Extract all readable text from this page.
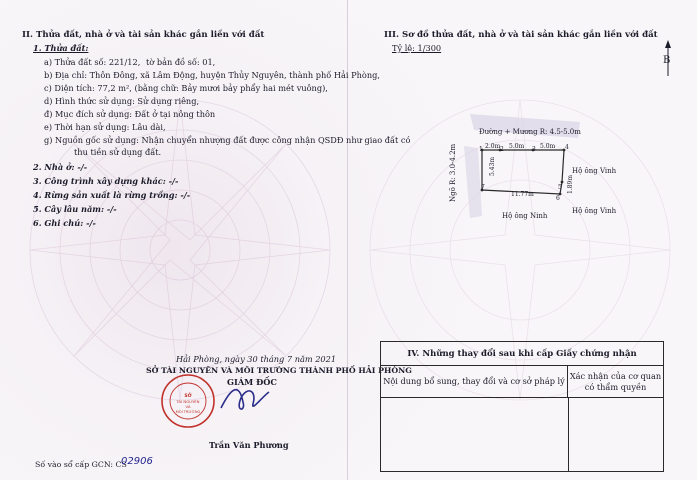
II. Thửa đất, nhà ở và tài sản khác gắn liền với đất
1. Thửa đất:
a) Thửa đất số: 221/12, tờ bản đồ số: 01,
b) Địa chỉ: Thôn Đông, xã Lâm Động, huyện Thủy Nguyên, thành phố Hải Phòng,
c) Diện tích: 77,2 m², (bằng chữ: Bảy mươi bảy phẩy hai mét vuông),
d) Hình thức sử dụng: Sử dụng riêng,
đ) Mục đích sử dụng: Đất ở tại nông thôn
e) Thời hạn sử dụng: Lâu dài,
g) Nguồn gốc sử dụng: Nhận chuyển nhượng đất được công nhận QSDĐ như giao đất có
thu tiền sử dụng đất.
2. Nhà ở: -/-
3. Công trình xây dựng khác: -/-
4. Rừng sản xuất là rừng trồng: -/-
5. Cây lâu năm: -/-
6. Ghi chú: -/-
Hải Phòng, ngày 30 tháng 7 năm 2021
SỞ TÀI NGUYÊN VÀ MÔI TRƯỜNG THÀNH PHỐ HẢI PHÒNG
GIÁM ĐỐC
SỞ
TÀI NGUYÊN
VÀ
MÔI TRƯỜNG
Trần Văn Phương
Số vào sổ cấp GCN: CS
02906
III. Sơ đồ thửa đất, nhà ở và tài sản khác gắn liền với đất
Tỷ lệ: 1/300
B
Đường + Mương R: 4.5-5.0m
Ngõ R: 3.0-4.2m	Hộ ông Vinh
Hộ ông Vinh
Hộ ông Ninh
2.0m 5.0m	5.0m
5.43m
11.77m
1.89m
1	2	3	4
5
6
7
IV. Những thay đổi sau khi cấp Giấy chứng nhận
Nội dung bổ sung, thay đổi và cơ sở pháp lý
Xác nhận của cơ quan
có thẩm quyền
